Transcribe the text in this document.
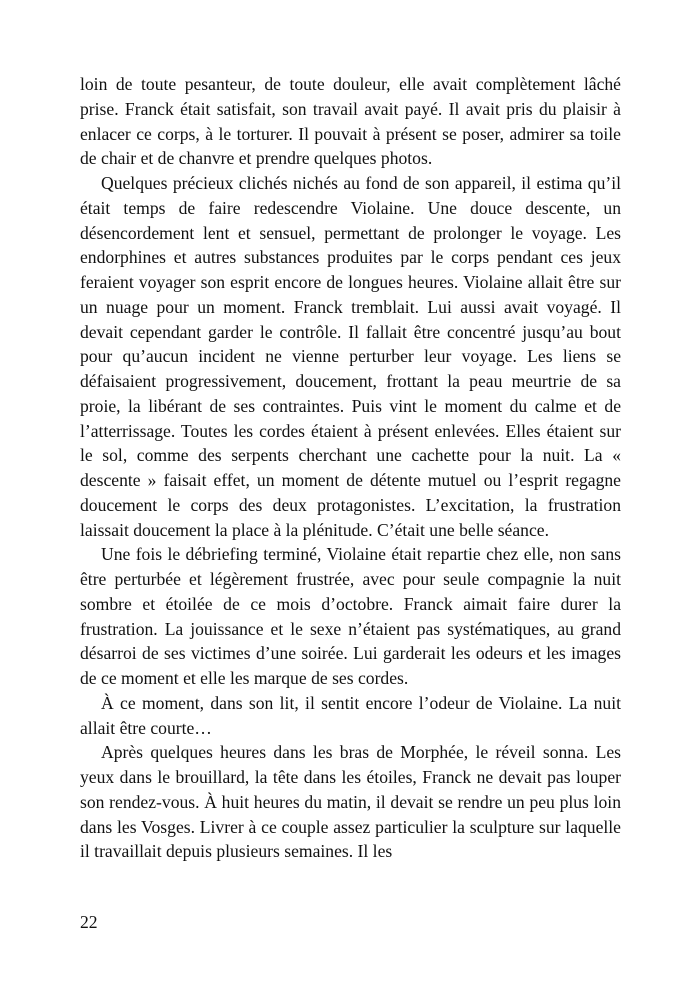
loin de toute pesanteur, de toute douleur, elle avait complètement lâché prise. Franck était satisfait, son travail avait payé. Il avait pris du plaisir à enlacer ce corps, à le torturer. Il pouvait à présent se poser, admirer sa toile de chair et de chanvre et prendre quelques photos.

Quelques précieux clichés nichés au fond de son appareil, il estima qu’il était temps de faire redescendre Violaine. Une douce descente, un désencordement lent et sensuel, permettant de prolonger le voyage. Les endorphines et autres substances produites par le corps pendant ces jeux feraient voyager son esprit encore de longues heures. Violaine allait être sur un nuage pour un moment. Franck tremblait. Lui aussi avait voyagé. Il devait cependant garder le contrôle. Il fallait être concentré jusqu’au bout pour qu’aucun incident ne vienne perturber leur voyage. Les liens se défaisaient progressivement, doucement, frottant la peau meurtrie de sa proie, la libérant de ses contraintes. Puis vint le moment du calme et de l’atterrissage. Toutes les cordes étaient à présent enlevées. Elles étaient sur le sol, comme des serpents cherchant une cachette pour la nuit. La « descente » faisait effet, un moment de détente mutuel ou l’esprit regagne doucement le corps des deux protagonistes. L’excitation, la frustration laissait doucement la place à la plénitude. C’était une belle séance.

Une fois le débriefing terminé, Violaine était repartie chez elle, non sans être perturbée et légèrement frustrée, avec pour seule compagnie la nuit sombre et étoilée de ce mois d’octobre. Franck aimait faire durer la frustration. La jouissance et le sexe n’étaient pas systématiques, au grand désarroi de ses victimes d’une soirée. Lui garderait les odeurs et les images de ce moment et elle les marque de ses cordes.

À ce moment, dans son lit, il sentit encore l’odeur de Violaine. La nuit allait être courte…

Après quelques heures dans les bras de Morphée, le réveil sonna. Les yeux dans le brouillard, la tête dans les étoiles, Franck ne devait pas louper son rendez-vous. À huit heures du matin, il devait se rendre un peu plus loin dans les Vosges. Livrer à ce couple assez particulier la sculpture sur laquelle il travaillait depuis plusieurs semaines. Il les

22
